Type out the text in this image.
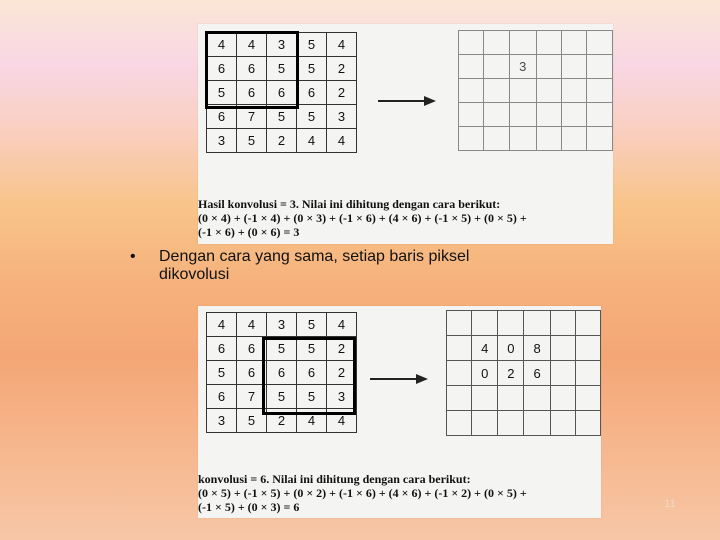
4	4	3	5	4
6	6	5	5	2
5	6	6	6	2
6	7	5	5	3
3	5	2	4	4

		3			

Hasil konvolusi = 3. Nilai ini dihitung dengan cara berikut:
(0 × 4) + (-1 × 4) + (0 × 3) + (-1 × 6) + (4 × 6) + (-1 × 5) + (0 × 5) +
(-1 × 6) + (0 × 6) = 3
• Dengan cara yang sama, setiap baris piksel
dikovolusi
4	4	3	5	4
6	6	5	5	2
5	6	6	6	2
6	7	5	5	3
3	5	2	4	4

	4	0	8		
	0	2	6		

konvolusi = 6. Nilai ini dihitung dengan cara berikut:
(0 × 5) + (-1 × 5) + (0 × 2) + (-1 × 6) + (4 × 6) + (-1 × 2) + (0 × 5) +
(-1 × 5) + (0 × 3) = 6	11
